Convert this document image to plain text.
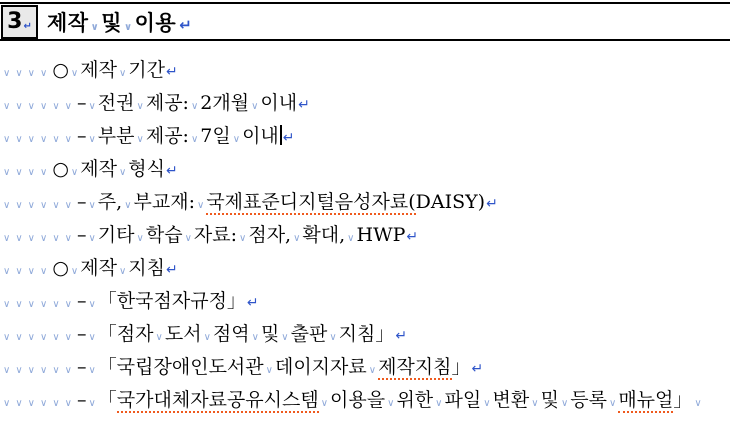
3 ↵ 제작 ∨및 ∨이용 ↵
∨ ∨ ∨ ∨ ○ ∨ 제작 ∨ 기간↵
∨ ∨ ∨ ∨ ∨ ∨ – ∨ 전권 ∨ 제공: ∨ 2개월 ∨ 이내↵
∨ ∨ ∨ ∨ ∨ ∨ – ∨ 부분 ∨ 제공: ∨ 7일 ∨ 이내 ↵
∨ ∨ ∨ ∨ ○ ∨ 제작 ∨ 형식↵
∨ ∨ ∨ ∨ ∨ ∨ – ∨ 주, ∨ 부교재: ∨ 국제표준디지털음성자료(DAISY)↵
∨ ∨ ∨ ∨ ∨ ∨ – ∨ 기타 ∨ 학습 ∨ 자료: ∨ 점자, ∨ 확대, ∨ HWP↵
∨ ∨ ∨ ∨ ○ ∨ 제작 ∨ 지침↵
∨ ∨ ∨ ∨ ∨ ∨ – ∨ 「한국점자규정」↵
∨ ∨ ∨ ∨ ∨ ∨ – ∨ 「점자 ∨ 도서 ∨ 점역 ∨ 및 ∨ 출판 ∨ 지침」↵
∨ ∨ ∨ ∨ ∨ ∨ – ∨ 「국립장애인도서관 ∨ 데이지자료 ∨ 제작지침」↵
∨ ∨ ∨ ∨ ∨ ∨ – ∨ 「국가대체자료공유시스템 ∨ 이용을 ∨ 위한 ∨ 파일 ∨ 변환 ∨ 및 ∨ 등록 ∨ 매뉴얼」 ∨
